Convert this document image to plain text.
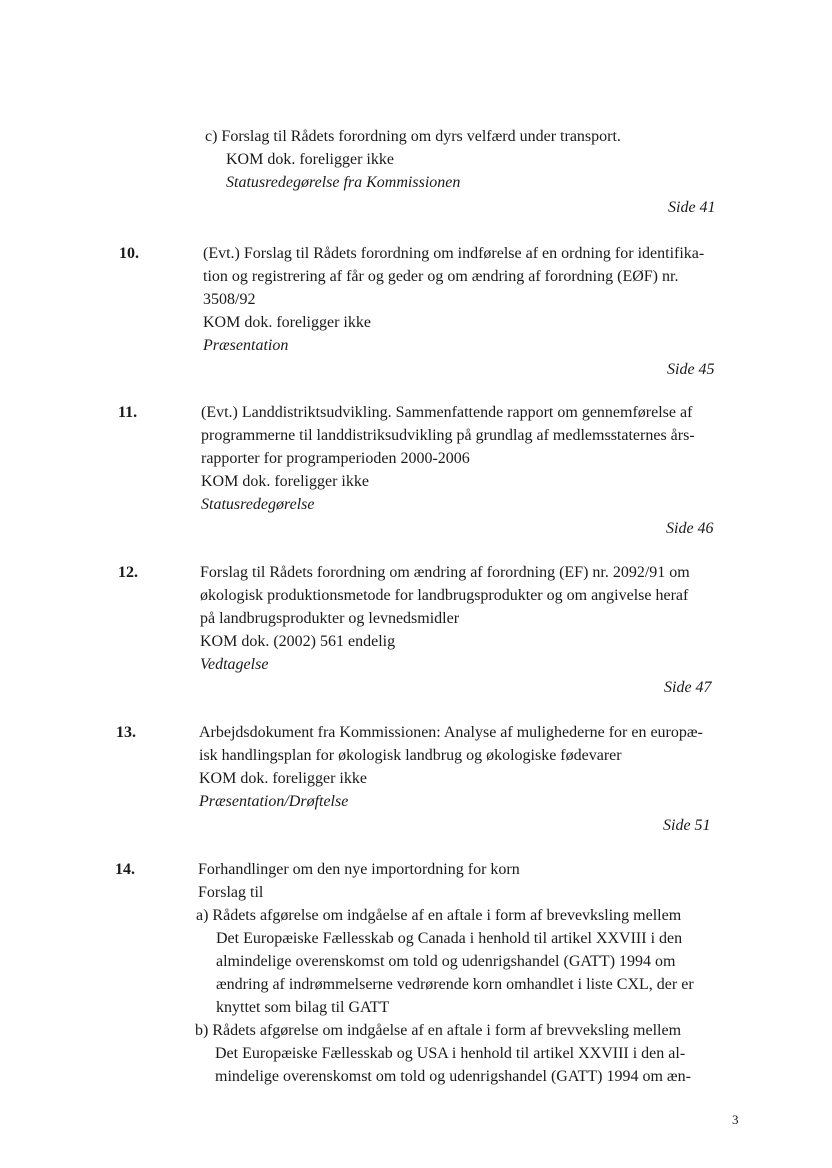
c) Forslag til Rådets forordning om dyrs velfærd under transport.
KOM dok. foreligger ikke
Statusredegørelse fra Kommissionen
Side 41
10.	(Evt.) Forslag til Rådets forordning om indførelse af en ordning for identifika-
tion og registrering af får og geder og om ændring af forordning (EØF) nr.
3508/92
KOM dok. foreligger ikke
Præsentation
Side 45
11.	(Evt.) Landdistriktsudvikling. Sammenfattende rapport om gennemførelse af
programmerne til landdistriksudvikling på grundlag af medlemsstaternes års-
rapporter for programperioden 2000-2006
KOM dok. foreligger ikke
Statusredegørelse
Side 46
12.	Forslag til Rådets forordning om ændring af forordning (EF) nr. 2092/91 om
økologisk produktionsmetode for landbrugsprodukter og om angivelse heraf
på landbrugsprodukter og levnedsmidler
KOM dok. (2002) 561 endelig
Vedtagelse
Side 47
13.	Arbejdsdokument fra Kommissionen: Analyse af mulighederne for en europæ-
isk handlingsplan for økologisk landbrug og økologiske fødevarer
KOM dok. foreligger ikke
Præsentation/Drøftelse
Side 51
14.	Forhandlinger om den nye importordning for korn
Forslag til
a) Rådets afgørelse om indgåelse af en aftale i form af brevevksling mellem
Det Europæiske Fællesskab og Canada i henhold til artikel XXVIII i den
almindelige overenskomst om told og udenrigshandel (GATT) 1994 om
ændring af indrømmelserne vedrørende korn omhandlet i liste CXL, der er
knyttet som bilag til GATT
b) Rådets afgørelse om indgåelse af en aftale i form af brevveksling mellem
Det Europæiske Fællesskab og USA i henhold til artikel XXVIII i den al-
mindelige overenskomst om told og udenrigshandel (GATT) 1994 om æn-
3
